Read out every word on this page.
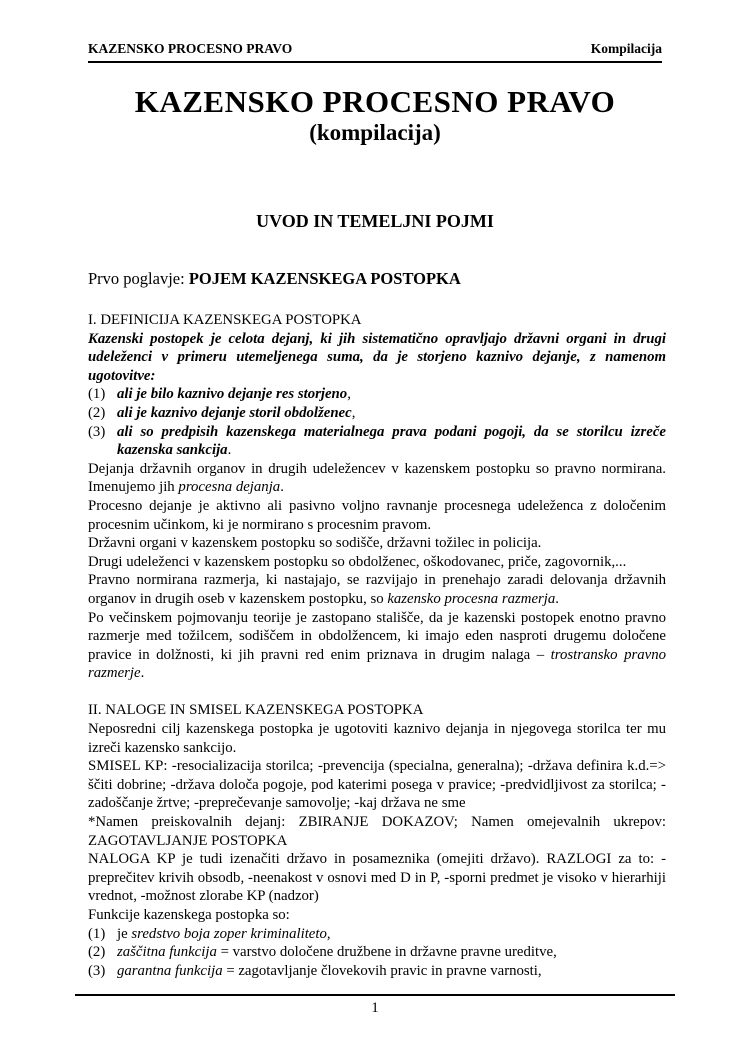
KAZENSKO PROCESNO PRAVO	Kompilacija
KAZENSKO PROCESNO PRAVO
(kompilacija)
UVOD IN TEMELJNI POJMI
Prvo poglavje: POJEM KAZENSKEGA POSTOPKA
I. DEFINICIJA KAZENSKEGA POSTOPKA
Kazenski postopek je celota dejanj, ki jih sistematično opravljajo državni organi in drugi udeleženci v primeru utemeljenega suma, da je storjeno kaznivo dejanje, z namenom ugotovitve:
(1) ali je bilo kaznivo dejanje res storjeno,
(2) ali je kaznivo dejanje storil obdolženec,
(3) ali so predpisih kazenskega materialnega prava podani pogoji, da se storilcu izreče kazenska sankcija.
Dejanja državnih organov in drugih udeležencev v kazenskem postopku so pravno normirana. Imenujemo jih procesna dejanja.
Procesno dejanje je aktivno ali pasivno voljno ravnanje procesnega udeleženca z določenim procesnim učinkom, ki je normirano s procesnim pravom.
Državni organi v kazenskem postopku so sodišče, državni tožilec in policija.
Drugi udeleženci v kazenskem postopku so obdolženec, oškodovanec, priče, zagovornik,...
Pravno normirana razmerja, ki nastajajo, se razvijajo in prenehajo zaradi delovanja državnih organov in drugih oseb v kazenskem postopku, so kazensko procesna razmerja.
Po večinskem pojmovanju teorije je zastopano stališče, da je kazenski postopek enotno pravno razmerje med tožilcem, sodiščem in obdolžencem, ki imajo eden nasproti drugemu določene pravice in dolžnosti, ki jih pravni red enim priznava in drugim nalaga – trostransko pravno razmerje.
II. NALOGE IN SMISEL KAZENSKEGA POSTOPKA
Neposredni cilj kazenskega postopka je ugotoviti kaznivo dejanja in njegovega storilca ter mu izreči kazensko sankcijo.
SMISEL KP: -resocializacija storilca; -prevencija (specialna, generalna); -država definira k.d.=> ščiti dobrine; -država določa pogoje, pod katerimi posega v pravice; -predvidljivost za storilca; -zadoščanje žrtve; -preprečevanje samovolje; -kaj država ne sme
*Namen preiskovalnih dejanj: ZBIRANJE DOKAZOV; Namen omejevalnih ukrepov: ZAGOTAVLJANJE POSTOPKA
NALOGA KP je tudi izenačiti državo in posameznika (omejiti državo). RAZLOGI za to: -preprečitev krivih obsodb, -neenakost v osnovi med D in P, -sporni predmet je visoko v hierarhiji vrednot, -možnost zlorabe KP (nadzor)
Funkcije kazenskega postopka so:
(1) je sredstvo boja zoper kriminaliteto,
(2) zaščitna funkcija = varstvo določene družbene in državne pravne ureditve,
(3) garantna funkcija = zagotavljanje človekovih pravic in pravne varnosti,
1
